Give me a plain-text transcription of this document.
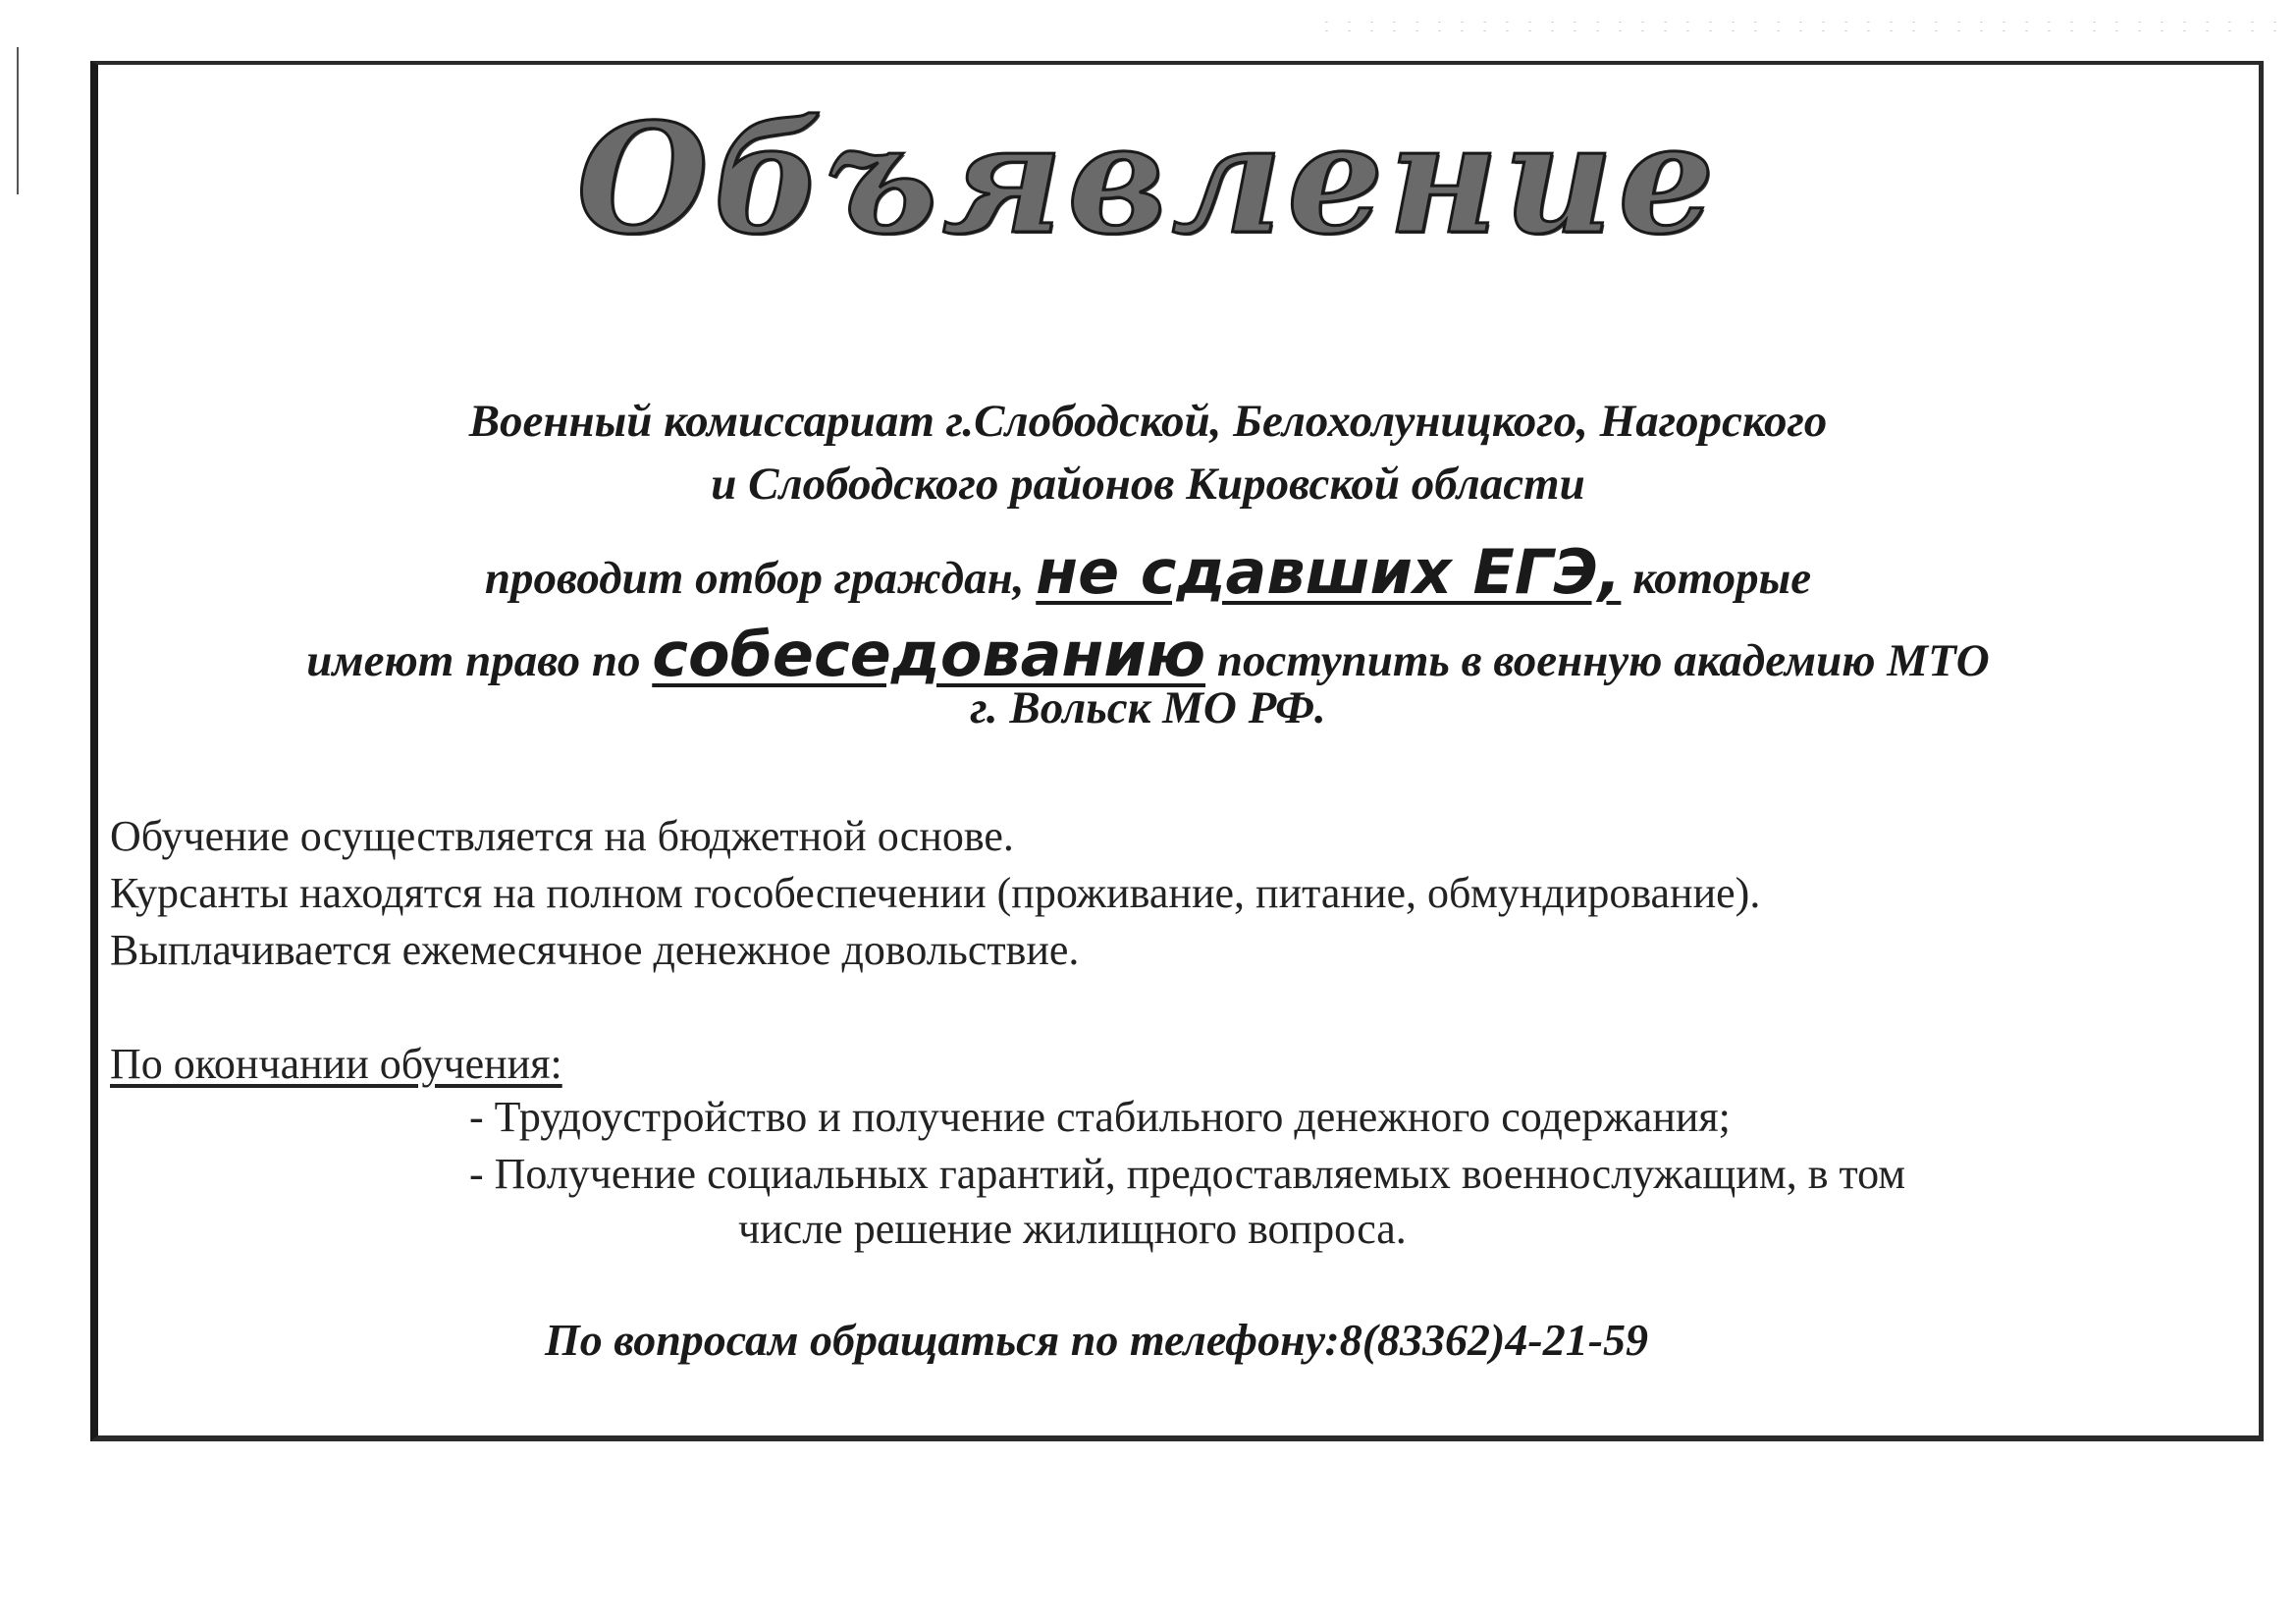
Объявление
Военный комиссариат г.Слободской, Белохолуницкого, Нагорского
и Слободского районов Кировской области
проводит отбор граждан, не сдавших ЕГЭ, которые
имеют право по собеседованию поступить в военную академию МТО
г. Вольск МО РФ.
Обучение осуществляется на бюджетной основе.
Курсанты находятся на полном гособеспечении (проживание, питание, обмундирование).
Выплачивается ежемесячное денежное довольствие.
По окончании обучения:
- Трудоустройство и получение стабильного денежного содержания;
- Получение социальных гарантий, предоставляемых военнослужащим, в том
числе решение жилищного вопроса.
По вопросам обращаться по телефону:8(83362)4-21-59
